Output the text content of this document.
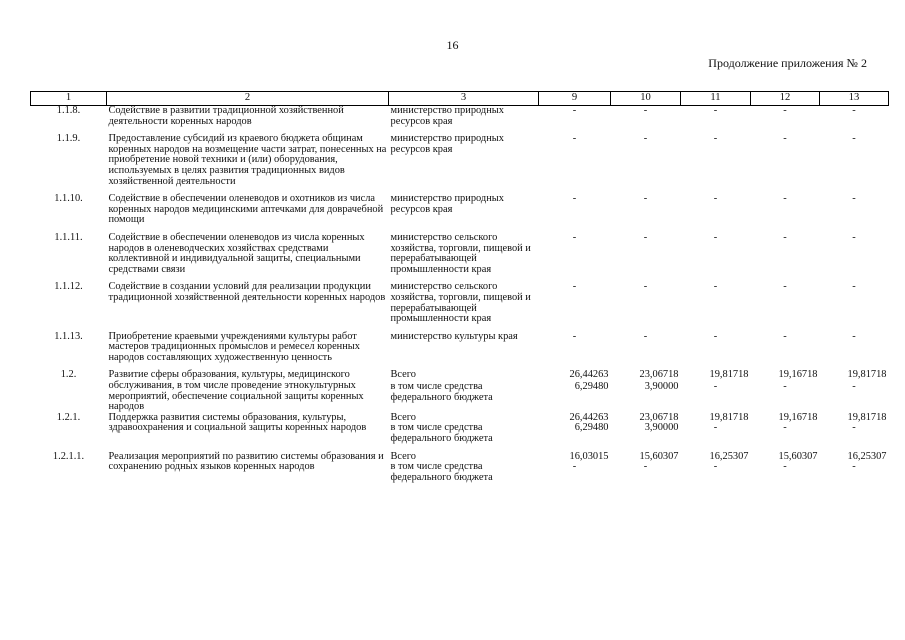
16
Продолжение приложения № 2
1	2	3	9	10	11	12	13
1.1.8.	Содействие в развитии традиционной хозяйственной деятельности коренных народов	министерство природных ресурсов края	-	-	-	-	-
1.1.9.	Предоставление субсидий из краевого бюджета общинам коренных народов на возмещение части затрат, понесенных на приобретение новой техники и (или) оборудования, используемых в целях развития традиционных видов хозяйственной деятельности	министерство природных ресурсов края	-	-	-	-	-
1.1.10.	Содействие в обеспечении оленеводов и охотников из числа коренных народов медицинскими аптечками для доврачебной помощи	министерство природных ресурсов края	-	-	-	-	-
1.1.11.	Содействие в обеспечении оленеводов из числа коренных народов в оленеводческих хозяйствах средствами коллективной и индивидуальной защиты, специальными средствами связи	министерство сельского хозяйства, торговли, пищевой и перерабатывающей промышленности края	-	-	-	-	-
1.1.12.	Содействие в создании условий для реализации продукции традиционной хозяйственной деятельности коренных народов	министерство сельского хозяйства, торговли, пищевой и перерабатывающей промышленности края	-	-	-	-	-
1.1.13.	Приобретение краевыми учреждениями культуры работ мастеров традиционных промыслов и ремесел коренных народов составляющих художественную ценность	министерство культуры края	-	-	-	-	-
1.2.	Развитие сферы образования, культуры, медицинского обслуживания, в том числе проведение этнокультурных мероприятий, обеспечение социальной защиты коренных народов	Всего	26,44263	23,06718	19,81718	19,16718	19,81718
		в том числе средства федерального бюджета	6,29480	3,90000	-	-	-
1.2.1.	Поддержка развития системы образования, культуры, здравоохранения и социальной защиты коренных народов	Всего	26,44263	23,06718	19,81718	19,16718	19,81718
		в том числе средства федерального бюджета	6,29480	3,90000	-	-	-
1.2.1.1.	Реализация мероприятий по развитию системы образования и сохранению родных языков коренных народов	Всего	16,03015	15,60307	16,25307	15,60307	16,25307
		в том числе средства федерального бюджета	-	-	-	-	-
